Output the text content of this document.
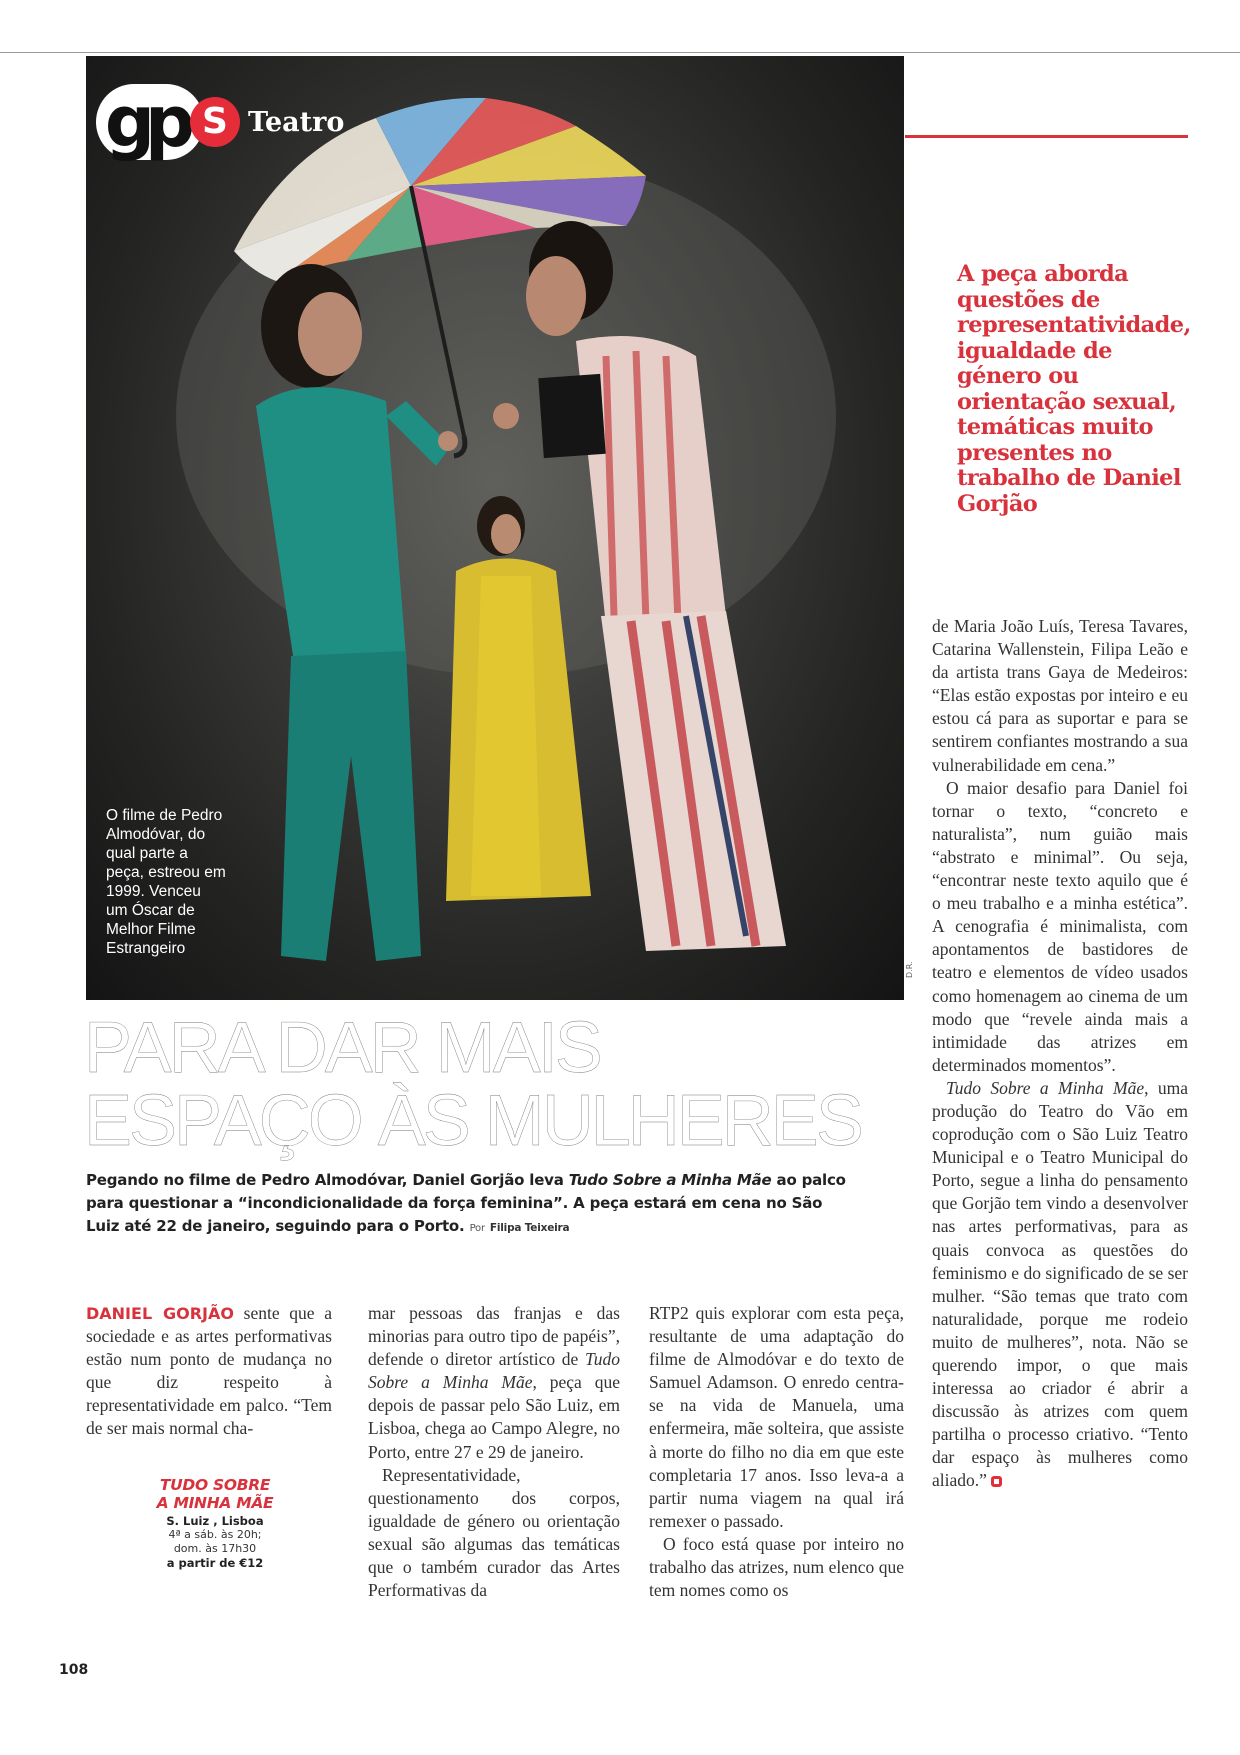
gp S Teatro
O filme de Pedro Almodóvar, do qual parte a peça, estreou em 1999. Venceu um Óscar de Melhor Filme Estrangeiro
D.R.

A peça aborda questões de representatividade, igualdade de género ou orientação sexual, temáticas muito presentes no trabalho de Daniel Gorjão

de Maria João Luís, Teresa Tavares, Catarina Wallenstein, Filipa Leão e da artista trans Gaya de Medeiros: “Elas estão expostas por inteiro e eu estou cá para as suportar e para se sentirem confiantes mostrando a sua vulnerabilidade em cena.”

O maior desafio para Daniel foi tornar o texto, “concreto e naturalista”, num guião mais “abstrato e minimal”. Ou seja, “encontrar neste texto aquilo que é o meu trabalho e a minha estética”. A cenografia é minimalista, com apontamentos de bastidores de teatro e elementos de vídeo usados como homenagem ao cinema de um modo que “revele ainda mais a intimidade das atrizes em determinados momentos”.

Tudo Sobre a Minha Mãe, uma produção do Teatro do Vão em coprodução com o São Luiz Teatro Municipal e o Teatro Municipal do Porto, segue a linha do pensamento que Gorjão tem vindo a desenvolver nas artes performativas, para as quais convoca as questões do feminismo e do significado de se ser mulher. “São temas que trato com naturalidade, porque me rodeio muito de mulheres”, nota. Não se querendo impor, o que mais interessa ao criador é abrir a discussão às atrizes com quem partilha o processo criativo. “Tento dar espaço às mulheres como aliado.”

PARA DAR MAIS
ESPAÇO ÀS MULHERES
Pegando no filme de Pedro Almodóvar, Daniel Gorjão leva Tudo Sobre a Minha Mãe ao palco para questionar a “incondicionalidade da força feminina”. A peça estará em cena no São Luiz até 22 de janeiro, seguindo para o Porto. Por Filipa Teixeira

DANIEL GORJÃO sente que a sociedade e as artes performativas estão num ponto de mudança no que diz respeito à representatividade em palco. “Tem de ser mais normal cha-

TUDO SOBRE
A MINHA MÃE
S. Luiz , Lisboa
4ª a sáb. às 20h;
dom. às 17h30
a partir de €12

mar pessoas das franjas e das minorias para outro tipo de papéis”, defende o diretor artístico de Tudo Sobre a Minha Mãe, peça que depois de passar pelo São Luiz, em Lisboa, chega ao Campo Alegre, no Porto, entre 27 e 29 de janeiro.

Representatividade, questionamento dos corpos, igualdade de género ou orientação sexual são algumas das temáticas que o também curador das Artes Performativas da

RTP2 quis explorar com esta peça, resultante de uma adaptação do filme de Almodóvar e do texto de Samuel Adamson. O enredo centra-se na vida de Manuela, uma enfermeira, mãe solteira, que assiste à morte do filho no dia em que este completaria 17 anos. Isso leva-a a partir numa viagem na qual irá remexer o passado.

O foco está quase por inteiro no trabalho das atrizes, num elenco que tem nomes como os

108
